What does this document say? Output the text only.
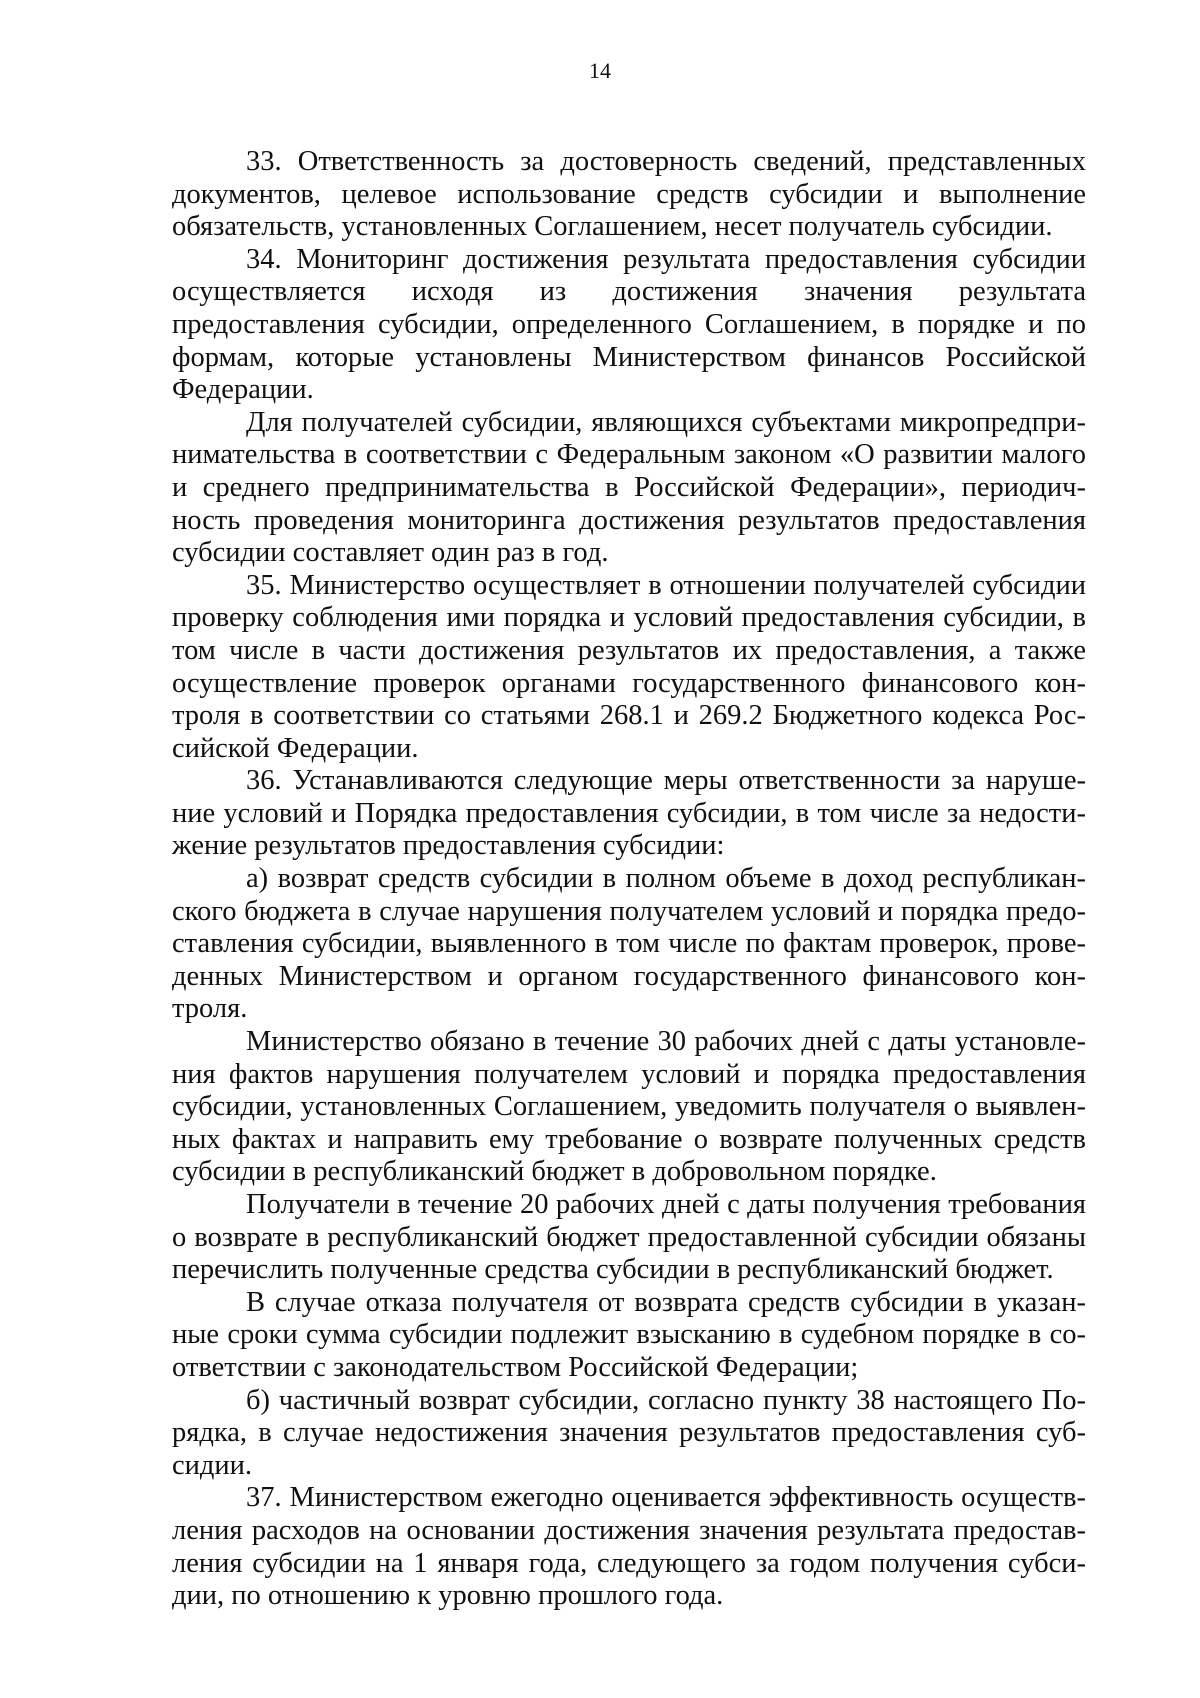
14

33. Ответственность за достоверность сведений, представленных документов, целевое использование средств субсидии и выполнение обязательств, установленных Соглашением, несет получатель субсидии.

34. Мониторинг достижения результата предоставления субсидии осуществляется исходя из достижения значения результата предоставления субсидии, определенного Соглашением, в порядке и по формам, которые установлены Министерством финансов Российской Федерации.

Для получателей субсидии, являющихся субъектами микропредпринимательства в соответствии с Федеральным законом «О развитии малого и среднего предпринимательства в Российской Федерации», периодичность проведения мониторинга достижения результатов предоставления субсидии составляет один раз в год.

35. Министерство осуществляет в отношении получателей субсидии проверку соблюдения ими порядка и условий предоставления субсидии, в том числе в части достижения результатов их предоставления, а также осуществление проверок органами государственного финансового контроля в соответствии со статьями 268.1 и 269.2 Бюджетного кодекса Российской Федерации.

36. Устанавливаются следующие меры ответственности за нарушение условий и Порядка предоставления субсидии, в том числе за недостижение результатов предоставления субсидии:

а) возврат средств субсидии в полном объеме в доход республиканского бюджета в случае нарушения получателем условий и порядка предоставления субсидии, выявленного в том числе по фактам проверок, проведенных Министерством и органом государственного финансового контроля.

Министерство обязано в течение 30 рабочих дней с даты установления фактов нарушения получателем условий и порядка предоставления субсидии, установленных Соглашением, уведомить получателя о выявленных фактах и направить ему требование о возврате полученных средств субсидии в республиканский бюджет в добровольном порядке.

Получатели в течение 20 рабочих дней с даты получения требования о возврате в республиканский бюджет предоставленной субсидии обязаны перечислить полученные средства субсидии в республиканский бюджет.

В случае отказа получателя от возврата средств субсидии в указанные сроки сумма субсидии подлежит взысканию в судебном порядке в соответствии с законодательством Российской Федерации;

б) частичный возврат субсидии, согласно пункту 38 настоящего Порядка, в случае недостижения значения результатов предоставления субсидии.

37. Министерством ежегодно оценивается эффективность осуществления расходов на основании достижения значения результата предоставления субсидии на 1 января года, следующего за годом получения субсидии, по отношению к уровню прошлого года.
